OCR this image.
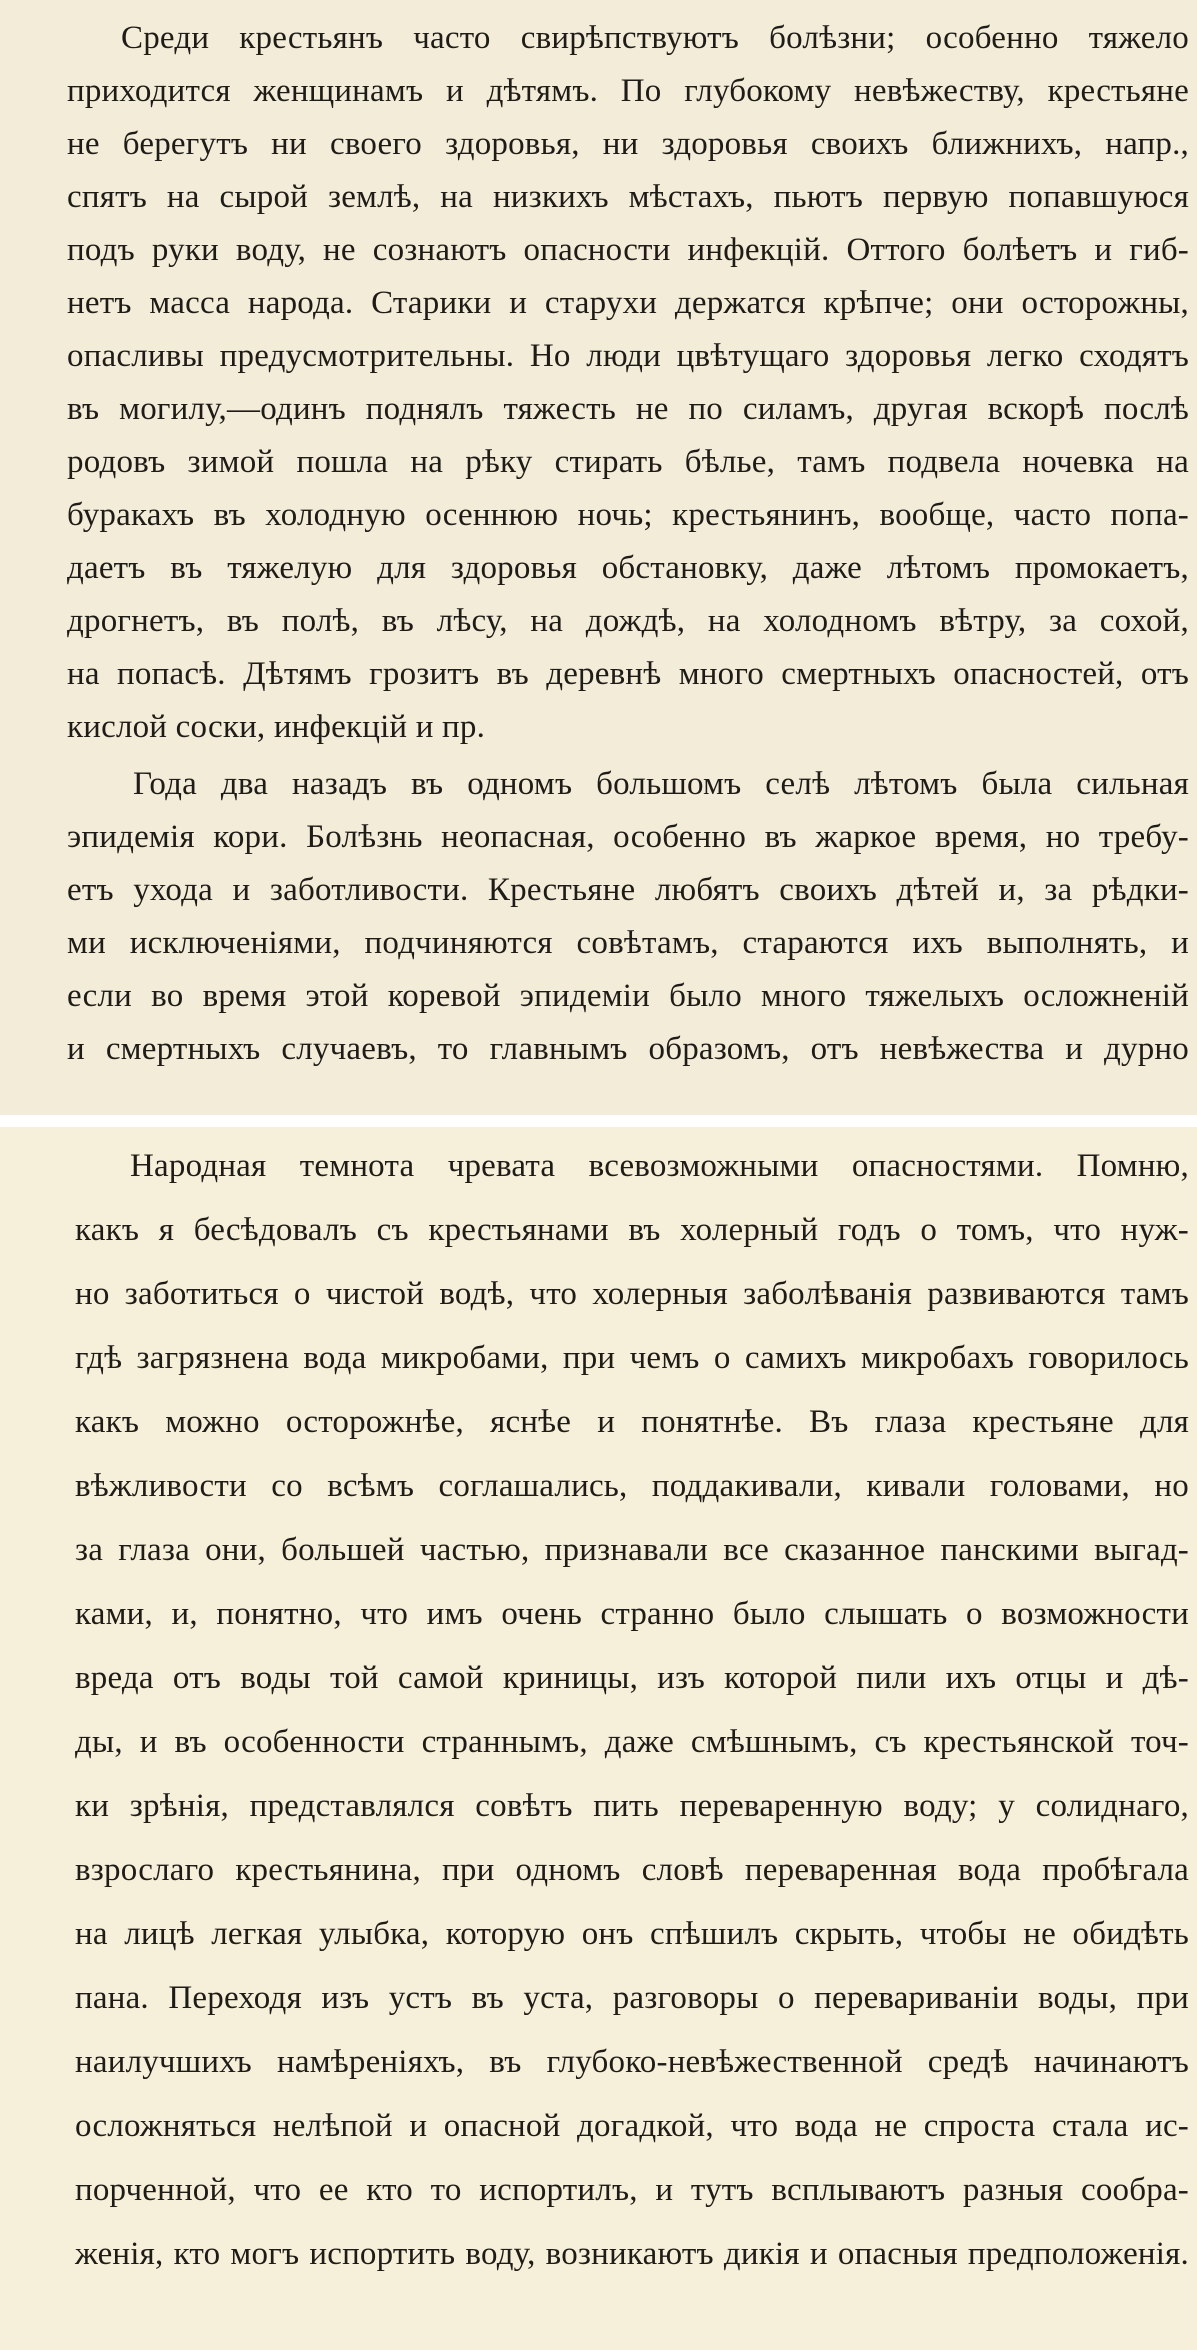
Среди крестьянъ часто свирѣпствуютъ болѣзни; особенно тяжело
приходится женщинамъ и дѣтямъ. По глубокому невѣжеству, крестьяне
не берегутъ ни своего здоровья, ни здоровья своихъ ближнихъ, напр.,
спятъ на сырой землѣ, на низкихъ мѣстахъ, пьютъ первую попавшуюся
подъ руки воду, не сознаютъ опасности инфекцій. Оттого болѣетъ и гиб-
нетъ масса народа. Старики и старухи держатся крѣпче; они осторожны,
опасливы предусмотрительны. Но люди цвѣтущаго здоровья легко сходятъ
въ могилу,—одинъ поднялъ тяжесть не по силамъ, другая вскорѣ послѣ
родовъ зимой пошла на рѣку стирать бѣлье, тамъ подвела ночевка на
буракахъ въ холодную осеннюю ночь; крестьянинъ, вообще, часто попа-
даетъ въ тяжелую для здоровья обстановку, даже лѣтомъ промокаетъ,
дрогнетъ, въ полѣ, въ лѣсу, на дождѣ, на холодномъ вѣтру, за сохой,
на попасѣ. Дѣтямъ грозитъ въ деревнѣ много смертныхъ опасностей, отъ
кислой соски, инфекцій и пр.
Года два назадъ въ одномъ большомъ селѣ лѣтомъ была сильная
эпидемія кори. Болѣзнь неопасная, особенно въ жаркое время, но требу-
етъ ухода и заботливости. Крестьяне любятъ своихъ дѣтей и, за рѣдки-
ми исключеніями, подчиняются совѣтамъ, стараются ихъ выполнять, и
если во время этой коревой эпидеміи было много тяжелыхъ осложненій
и смертныхъ случаевъ, то главнымъ образомъ, отъ невѣжества и дурно
Народная темнота чревата всевозможными опасностями. Помню,
какъ я бесѣдовалъ съ крестьянами въ холерный годъ о томъ, что нуж-
но заботиться о чистой водѣ, что холерныя заболѣванія развиваются тамъ
гдѣ загрязнена вода микробами, при чемъ о самихъ микробахъ говорилось
какъ можно осторожнѣе, яснѣе и понятнѣе. Въ глаза крестьяне для
вѣжливости со всѣмъ соглашались, поддакивали, кивали головами, но
за глаза они, большей частью, признавали все сказанное панскими выгад-
ками, и, понятно, что имъ очень странно было слышать о возможности
вреда отъ воды той самой криницы, изъ которой пили ихъ отцы и дѣ-
ды, и въ особенности страннымъ, даже смѣшнымъ, съ крестьянской точ-
ки зрѣнія, представлялся совѣтъ пить переваренную воду; у солиднаго,
взрослаго крестьянина, при одномъ словѣ переваренная вода пробѣгала
на лицѣ легкая улыбка, которую онъ спѣшилъ скрыть, чтобы не обидѣть
пана. Переходя изъ устъ въ уста, разговоры о перевариваніи воды, при
наилучшихъ намѣреніяхъ, въ глубоко-невѣжественной средѣ начинаютъ
осложняться нелѣпой и опасной догадкой, что вода не спроста стала ис-
порченной, что ее кто то испортилъ, и тутъ всплываютъ разныя сообра-
женія, кто могъ испортить воду, возникаютъ дикія и опасныя предположенія.
